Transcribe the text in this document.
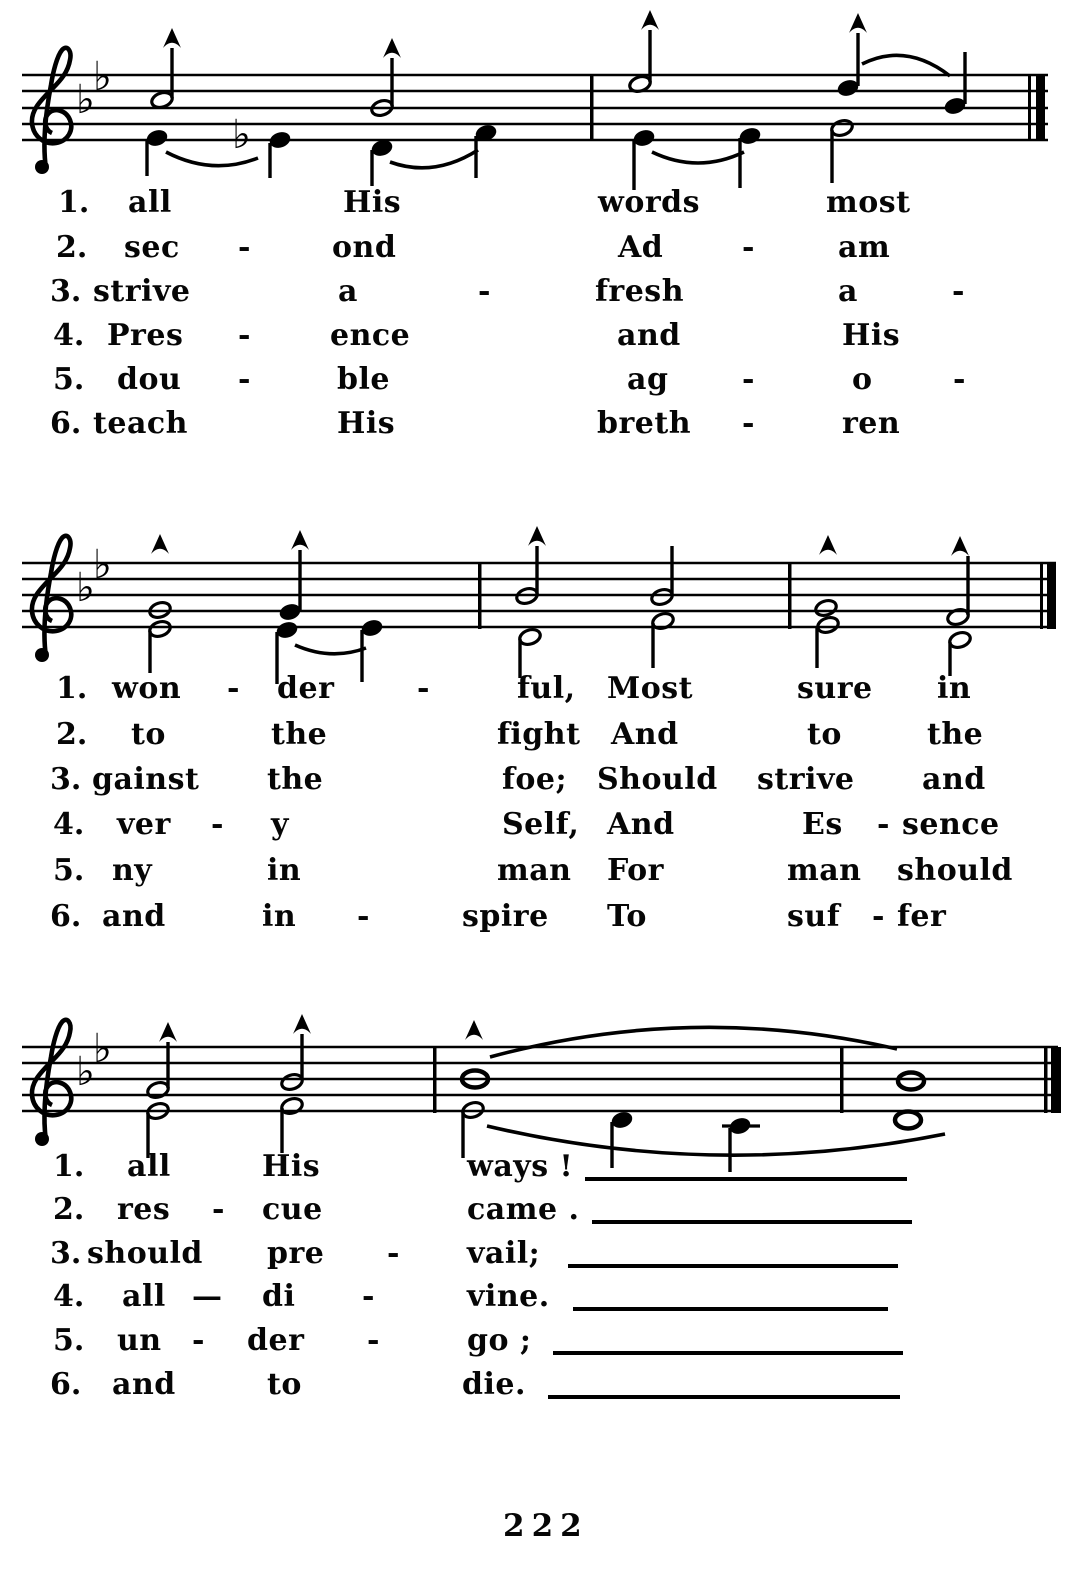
♭
♭
♭
♭
♭
♭
♭
1. all	His	words	most
2. sec -	ond	Ad	-	am
3. strive	a	-	fresh	a	-
4. Pres -	ence	and	His
5. dou -	ble	ag -	o	-
6. teach	His	breth -	ren
1. won - der	-	ful, Most	sure in
2. to	the	fight And	to	the
3. gainst the	foe; Should strive and
4. ver - y	Self, And	Es - sence
5. ny	in	man For	man should
6. and	in -	spire To	suf - fer
1. all	His	ways !
2. res - cue	came .
3. should pre - vail;
4. all — di -	vine.
5. un - der -	go ;
6. and	to	die.
222
